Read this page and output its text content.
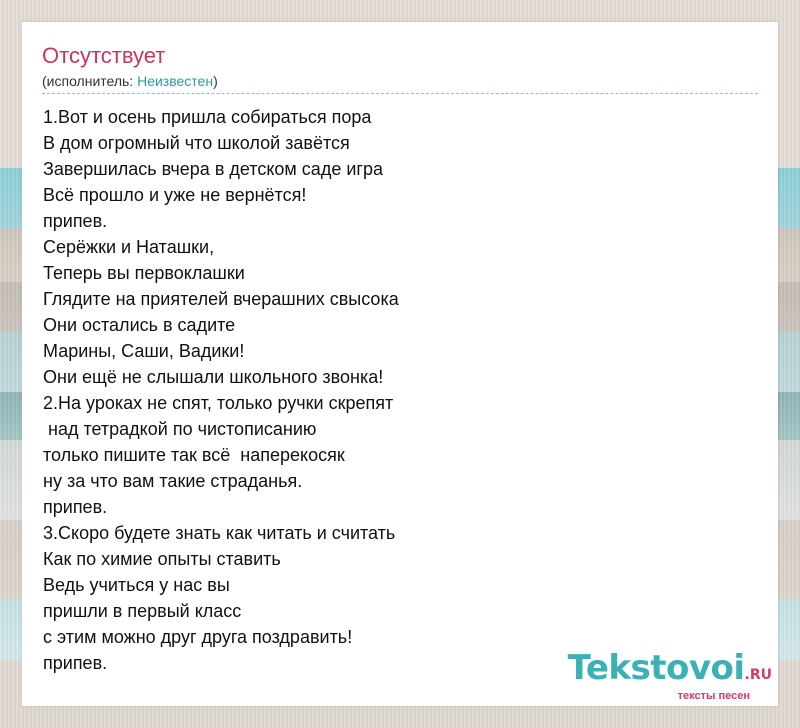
Отсутствует
(исполнитель: Неизвестен)
1.Вот и осень пришла собираться пора
В дом огромный что школой завётся
Завершилась вчера в детском саде игра
Всё прошло и уже не вернётся!
припев.
Серёжки и Наташки,
Теперь вы первоклашки
Глядите на приятелей вчерашних свысока
Они остались в садите
Марины, Саши, Вадики!
Они ещё не слышали школьного звонка!
2.На уроках не спят, только ручки скрепят
над тетрадкой по чистописанию
только пишите так всё  наперекосяк
ну за что вам такие страданья.
припев.
3.Скоро будете знать как читать и считать
Как по химие опыты ставить
Ведь учиться у нас вы
пришли в первый класс
с этим можно друг друга поздравить!
припев.	Tekstovoi.RU
тексты песен
